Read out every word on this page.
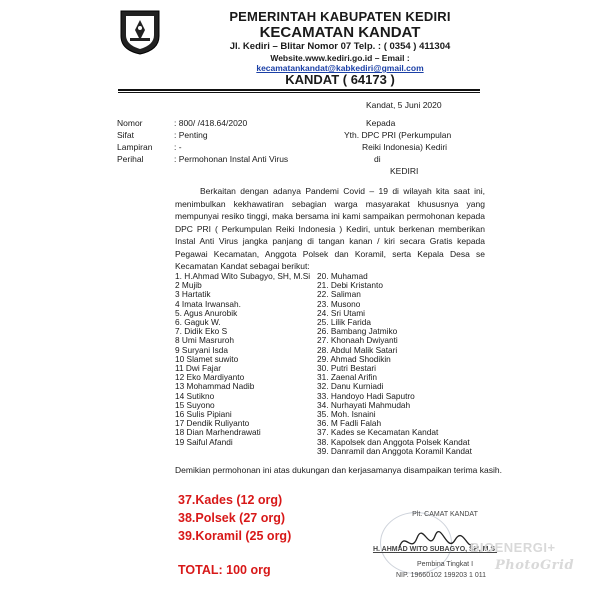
PEMERINTAH KABUPATEN KEDIRI
KECAMATAN KANDAT
Jl. Kediri – Blitar Nomor 07 Telp. : ( 0354 ) 411304
Website.www.kediri.go.id – Email :
kecamatankandat@kabkediri@gmail.com
KANDAT ( 64173 )
Kandat, 5 Juni 2020
Nomor	: 800/ /418.64/2020
Sifat	: Penting
Lampiran	: -
Perihal	: Permohonan Instal Anti Virus
Kepada
Yth. DPC PRI (Perkumpulan
Reiki Indonesia) Kediri
di
KEDIRI

Berkaitan dengan adanya Pandemi Covid – 19 di wilayah kita saat ini, menimbulkan kekhawatiran sebagian warga masyarakat khususnya yang mempunyai resiko tinggi, maka bersama ini kami sampaikan permohonan kepada DPC PRI ( Perkumpulan Reiki Indonesia ) Kediri, untuk berkenan memberikan Instal Anti Virus jangka panjang di tangan kanan / kiri secara Gratis kepada Pegawai Kecamatan, Anggota Polsek dan Koramil, serta Kepala Desa se Kecamatan Kandat sebagai berikut:

1. H.Ahmad Wito Subagyo, SH, M.Si
2 Mujib
3 Hartatik
4 Imata Irwansah.
5. Agus Anurobik
6. Gaguk W.
7. Didik Eko S
8 Umi Masruroh
9 Suryani Isda
10 Slamet suwito
11 Dwi Fajar
12 Eko Mardiyanto
13 Mohammad Nadib
14 Sutikno
15 Suyono
16 Sulis Pipiani
17 Dendik Ruliyanto
18 Dian Marhendrawati
19 Saiful Afandi
20. Muhamad
21. Debi Kristanto
22. Saliman
23. Musono
24. Sri Utami
25. Lilik Farida
26. Bambang Jatmiko
27. Khonaah Dwiyanti
28. Abdul Malik Satari
29. Ahmad Shodikin
30. Putri Bestari
31. Zaenal Arifin
32. Danu Kurniadi
33. Handoyo Hadi Saputro
34. Nurhayati Mahmudah
35. Moh. Isnaini
36. M Fadli Falah
37. Kades se Kecamatan Kandat
38. Kapolsek dan Anggota Polsek Kandat
39. Danramil dan Anggota Koramil Kandat
Demikian permohonan ini atas dukungan dan kerjasamanya disampaikan terima kasih.
37.Kades (12 org)
38.Polsek (27 org)
39.Koramil (25 org)
TOTAL: 100 org
Plt. CAMAT KANDAT
H. AHMAD WITO SUBAGYO, SH, M.Si
Pembina Tingkat I
NIP. 19660102 199203 1 011
BIOENERGI+
PhotoGrid
